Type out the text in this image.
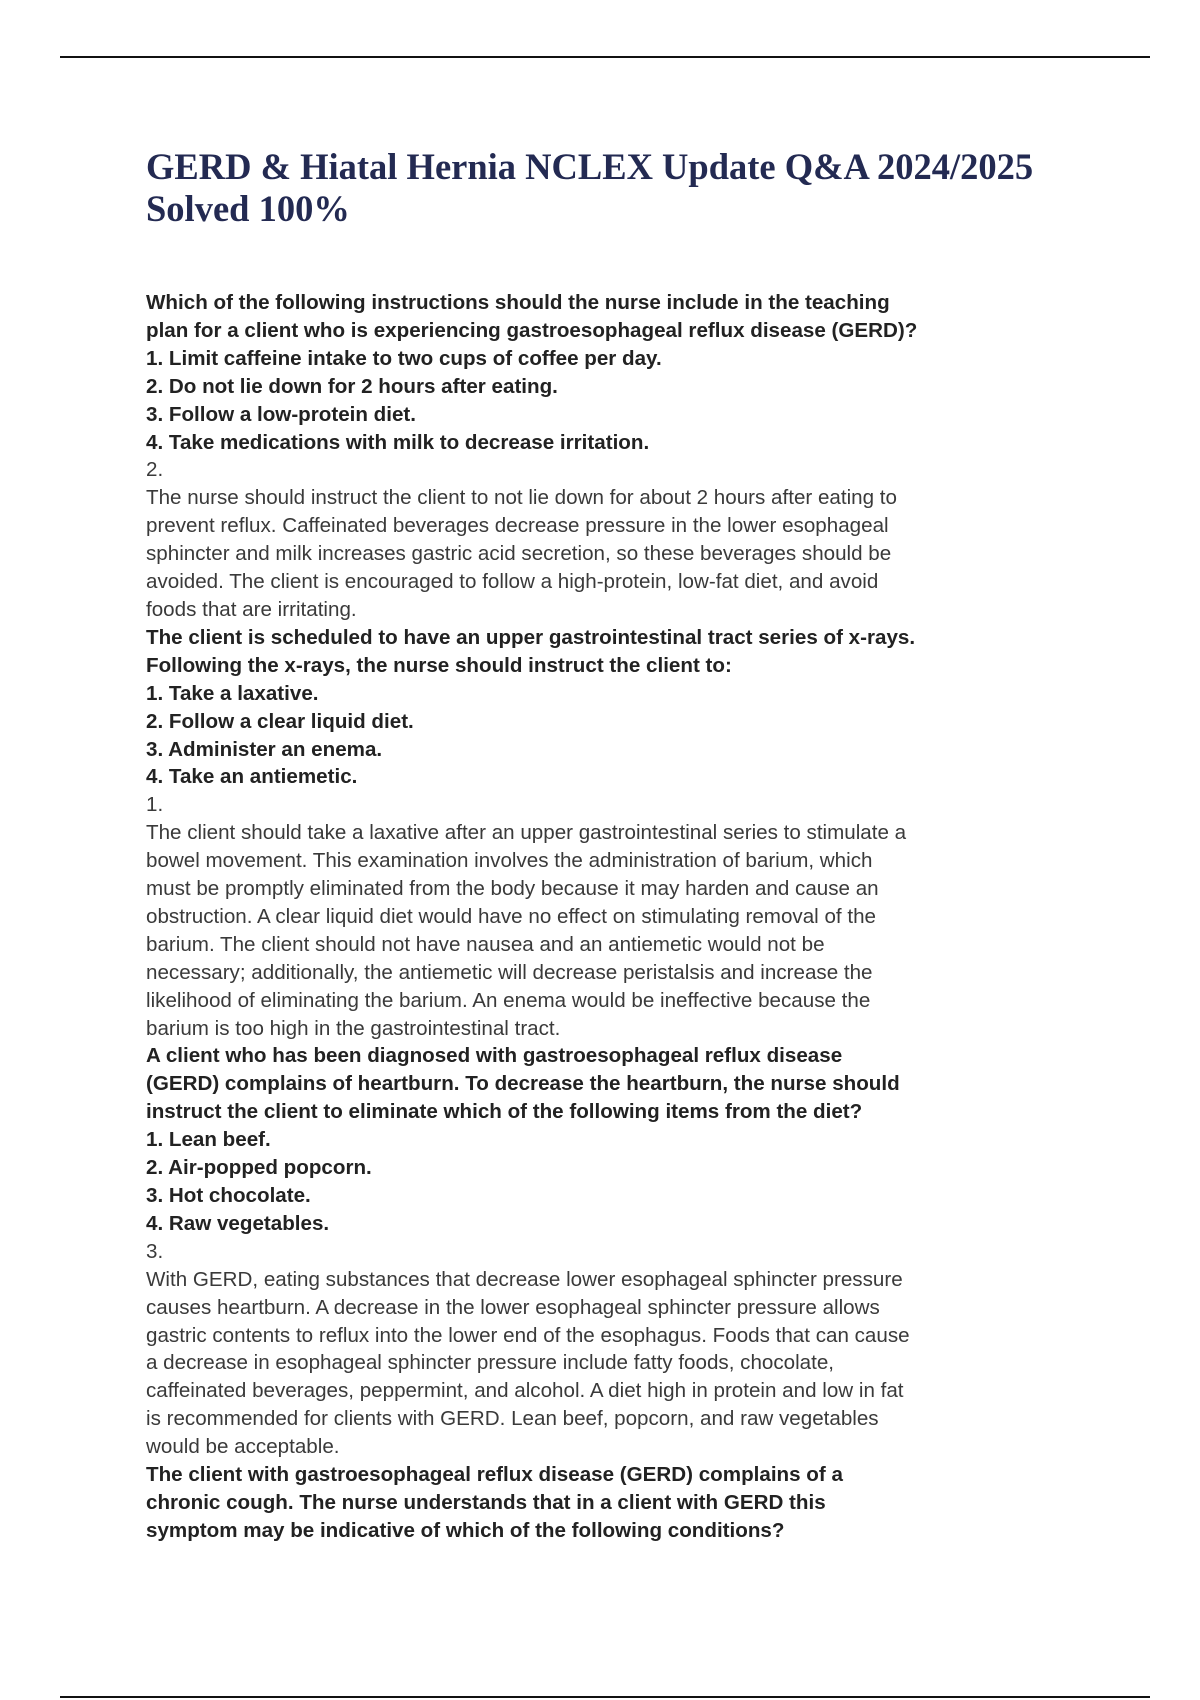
GERD & Hiatal Hernia NCLEX Update Q&A 2024/2025
Solved 100%
Which of the following instructions should the nurse include in the teaching
plan for a client who is experiencing gastroesophageal reflux disease (GERD)?
1. Limit caffeine intake to two cups of coffee per day.
2. Do not lie down for 2 hours after eating.
3. Follow a low-protein diet.
4. Take medications with milk to decrease irritation.
2.
The nurse should instruct the client to not lie down for about 2 hours after eating to
prevent reflux. Caffeinated beverages decrease pressure in the lower esophageal
sphincter and milk increases gastric acid secretion, so these beverages should be
avoided. The client is encouraged to follow a high-protein, low-fat diet, and avoid
foods that are irritating.
The client is scheduled to have an upper gastrointestinal tract series of x-rays.
Following the x-rays, the nurse should instruct the client to:
1. Take a laxative.
2. Follow a clear liquid diet.
3. Administer an enema.
4. Take an antiemetic.
1.
The client should take a laxative after an upper gastrointestinal series to stimulate a
bowel movement. This examination involves the administration of barium, which
must be promptly eliminated from the body because it may harden and cause an
obstruction. A clear liquid diet would have no effect on stimulating removal of the
barium. The client should not have nausea and an antiemetic would not be
necessary; additionally, the antiemetic will decrease peristalsis and increase the
likelihood of eliminating the barium. An enema would be ineffective because the
barium is too high in the gastrointestinal tract.
A client who has been diagnosed with gastroesophageal reflux disease
(GERD) complains of heartburn. To decrease the heartburn, the nurse should
instruct the client to eliminate which of the following items from the diet?
1. Lean beef.
2. Air-popped popcorn.
3. Hot chocolate.
4. Raw vegetables.
3.
With GERD, eating substances that decrease lower esophageal sphincter pressure
causes heartburn. A decrease in the lower esophageal sphincter pressure allows
gastric contents to reflux into the lower end of the esophagus. Foods that can cause
a decrease in esophageal sphincter pressure include fatty foods, chocolate,
caffeinated beverages, peppermint, and alcohol. A diet high in protein and low in fat
is recommended for clients with GERD. Lean beef, popcorn, and raw vegetables
would be acceptable.
The client with gastroesophageal reflux disease (GERD) complains of a
chronic cough. The nurse understands that in a client with GERD this
symptom may be indicative of which of the following conditions?
